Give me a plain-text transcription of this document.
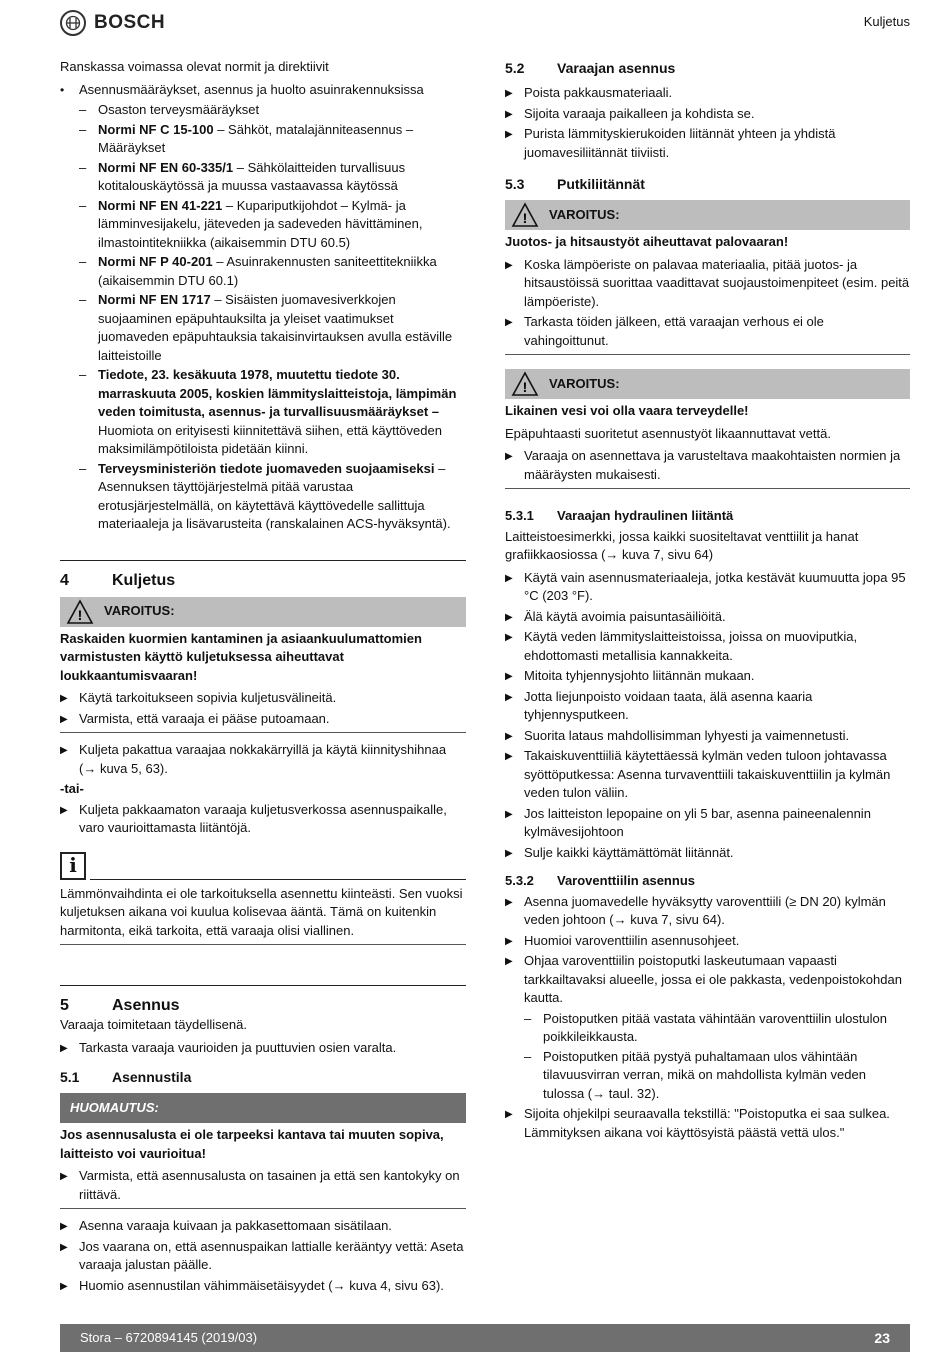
BOSCH	Kuljetus

Ranskassa voimassa olevat normit ja direktiivit

• Asennusmääräykset, asennus ja huolto asuinrakennuksissa
– Osaston terveysmääräykset
– Normi NF C 15-100 – Sähköt, matalajänniteasennus – Määräykset
– Normi NF EN 60-335/1 – Sähkölaitteiden turvallisuus kotitalouskäytössä ja muussa vastaavassa käytössä
– Normi NF EN 41-221 – Kupariputkijohdot – Kylmä- ja lämminvesijakelu, jäteveden ja sadeveden hävittäminen, ilmastointitekniikka (aikaisemmin DTU 60.5)
– Normi NF P 40-201 – Asuinrakennusten saniteettitekniikka (aikaisemmin DTU 60.1)
– Normi NF EN 1717 – Sisäisten juomavesiverkkojen suojaaminen epäpuhtauksilta ja yleiset vaatimukset juomaveden epäpuhtauksia takaisinvirtauksen avulla estäville laitteistoille
– Tiedote, 23. kesäkuuta 1978, muutettu tiedote 30. marraskuuta 2005, koskien lämmityslaitteistoja, lämpimän veden toimitusta, asennus- ja turvallisuusmääräykset – Huomiota on erityisesti kiinnitettävä siihen, että käyttöveden maksimilämpötiloista pidetään kiinni.
– Terveysministeriön tiedote juomaveden suojaamiseksi – Asennuksen täyttöjärjestelmä pitää varustaa erotusjärjestelmällä, on käytettävä käyttövedelle sallittuja materiaaleja ja lisävarusteita (ranskalainen ACS-hyväksyntä).
4	Kuljetus
! VAROITUS:

Raskaiden kuormien kantaminen ja asiaankuulumattomien varmistusten käyttö kuljetuksessa aiheuttavat loukkaantumisvaaran!

▶ Käytä tarkoitukseen sopivia kuljetusvälineitä.
▶ Varmista, että varaaja ei pääse putoamaan.
▶ Kuljeta pakattua varaajaa nokkakärryillä ja käytä kiinnityshihnaa (→ kuva 5, 63).

-tai-

▶ Kuljeta pakkaamaton varaaja kuljetusverkossa asennuspaikalle, varo vaurioittamasta liitäntöjä.
i

Lämmönvaihdinta ei ole tarkoituksella asennettu kiinteästi. Sen vuoksi kuljetuksen aikana voi kuulua kolisevaa ääntä. Tämä on kuitenkin harmitonta, eikä tarkoita, että varaaja olisi viallinen.

5	Asennus

Varaaja toimitetaan täydellisenä.

▶ Tarkasta varaaja vaurioiden ja puuttuvien osien varalta.
5.1	Asennustila
HUOMAUTUS:

Jos asennusalusta ei ole tarpeeksi kantava tai muuten sopiva, laitteisto voi vaurioitua!

▶ Varmista, että asennusalusta on tasainen ja että sen kantokyky on riittävä.
▶ Asenna varaaja kuivaan ja pakkasettomaan sisätilaan.
▶ Jos vaarana on, että asennuspaikan lattialle kerääntyy vettä: Aseta varaaja jalustan päälle.
▶ Huomio asennustilan vähimmäisetäisyydet (→ kuva 4, sivu 63).
5.2	Varaajan asennus
▶ Poista pakkausmateriaali.
▶ Sijoita varaaja paikalleen ja kohdista se.
▶ Purista lämmityskierukoiden liitännät yhteen ja yhdistä juomavesiliitännät tiiviisti.
5.3	Putkiliitännät
! VAROITUS:

Juotos- ja hitsaustyöt aiheuttavat palovaaran!

▶ Koska lämpöeriste on palavaa materiaalia, pitää juotos- ja hitsaustöissä suorittaa vaadittavat suojaustoimenpiteet (esim. peitä lämpöeriste).
▶ Tarkasta töiden jälkeen, että varaajan verhous ei ole vahingoittunut.
! VAROITUS:

Likainen vesi voi olla vaara terveydelle!

Epäpuhtaasti suoritetut asennustyöt likaannuttavat vettä.

▶ Varaaja on asennettava ja varusteltava maakohtaisten normien ja määräysten mukaisesti.
5.3.1	Varaajan hydraulinen liitäntä

Laitteistoesimerkki, jossa kaikki suositeltavat venttiilit ja hanat grafiikkaosiossa (→ kuva 7, sivu 64)

▶ Käytä vain asennusmateriaaleja, jotka kestävät kuumuutta jopa 95 °C (203 °F).
▶ Älä käytä avoimia paisuntasäiliöitä.
▶ Käytä veden lämmityslaitteistoissa, joissa on muoviputkia, ehdottomasti metallisia kannakkeita.
▶ Mitoita tyhjennysjohto liitännän mukaan.
▶ Jotta liejunpoisto voidaan taata, älä asenna kaaria tyhjennysputkeen.
▶ Suorita lataus mahdollisimman lyhyesti ja vaimennetusti.
▶ Takaiskuventtiiliä käytettäessä kylmän veden tuloon johtavassa syöttöputkessa: Asenna turvaventtiili takaiskuventtiilin ja kylmän veden tulon väliin.
▶ Jos laitteiston lepopaine on yli 5 bar, asenna paineenalennin kylmävesijohtoon
▶ Sulje kaikki käyttämättömät liitännät.
5.3.2	Varoventtiilin asennus
▶ Asenna juomavedelle hyväksytty varoventtiili (≥ DN 20) kylmän veden johtoon (→ kuva 7, sivu 64).
▶ Huomioi varoventtiilin asennusohjeet.
▶ Ohjaa varoventtiilin poistoputki laskeutumaan vapaasti tarkkailtavaksi alueelle, jossa ei ole pakkasta, vedenpoistokohdan kautta.
– Poistoputken pitää vastata vähintään varoventtiilin ulostulon poikkileikkausta.
– Poistoputken pitää pystyä puhaltamaan ulos vähintään tilavuusvirran verran, mikä on mahdollista kylmän veden tulossa (→ taul. 32).
▶ Sijoita ohjekilpi seuraavalla tekstillä: "Poistoputka ei saa sulkea. Lämmityksen aikana voi käyttösyistä päästä vettä ulos."
Stora – 6720894145 (2019/03)	23
